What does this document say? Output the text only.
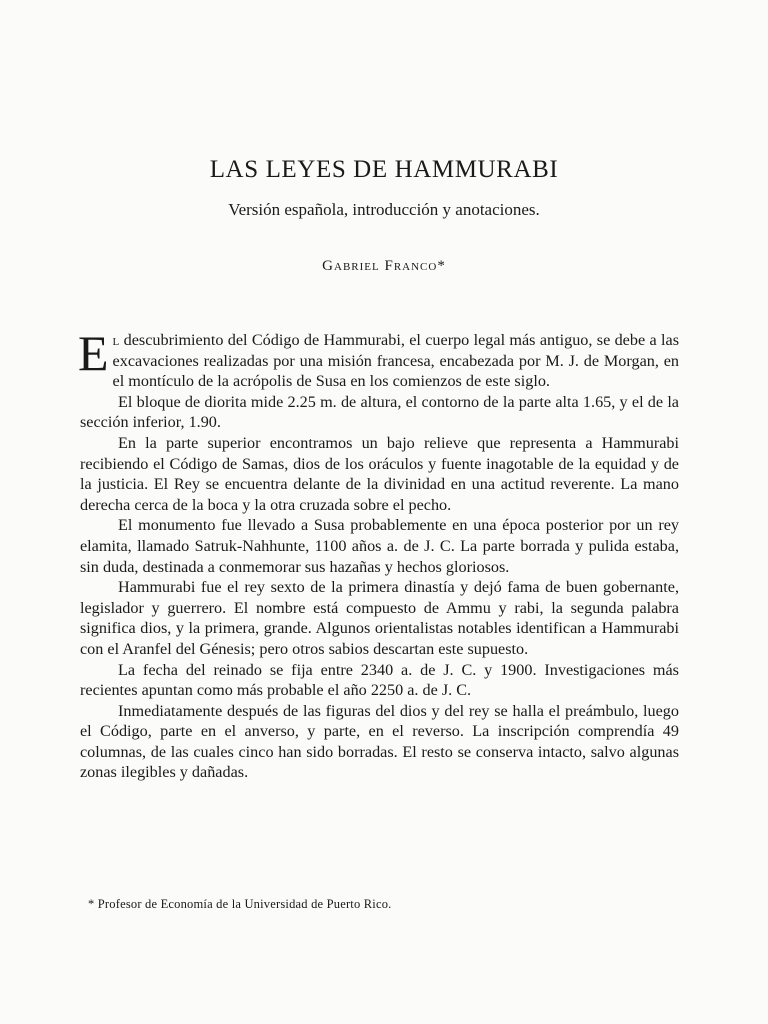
LAS LEYES DE HAMMURABI
Versión española, introducción y anotaciones.
Gabriel Franco*

El descubrimiento del Código de Hammurabi, el cuerpo legal más antiguo, se debe a las excavaciones realizadas por una misión francesa, encabezada por M. J. de Morgan, en el montículo de la acrópolis de Susa en los comienzos de este siglo.

El bloque de diorita mide 2.25 m. de altura, el contorno de la parte alta 1.65, y el de la sección inferior, 1.90.

En la parte superior encontramos un bajo relieve que representa a Hammurabi recibiendo el Código de Samas, dios de los oráculos y fuente inagotable de la equidad y de la justicia. El Rey se encuentra delante de la divinidad en una actitud reverente. La mano derecha cerca de la boca y la otra cruzada sobre el pecho.

El monumento fue llevado a Susa probablemente en una época posterior por un rey elamita, llamado Satruk-Nahhunte, 1100 años a. de J. C. La parte borrada y pulida estaba, sin duda, destinada a conmemorar sus hazañas y hechos gloriosos.

Hammurabi fue el rey sexto de la primera dinastía y dejó fama de buen gobernante, legislador y guerrero. El nombre está compuesto de Ammu y rabi, la segunda palabra significa dios, y la primera, grande. Algunos orientalistas notables identifican a Hammurabi con el Aranfel del Génesis; pero otros sabios descartan este supuesto.

La fecha del reinado se fija entre 2340 a. de J. C. y 1900. Investigaciones más recientes apuntan como más probable el año 2250 a. de J. C.

Inmediatamente después de las figuras del dios y del rey se halla el preámbulo, luego el Código, parte en el anverso, y parte, en el reverso. La inscripción comprendía 49 columnas, de las cuales cinco han sido borradas. El resto se conserva intacto, salvo algunas zonas ilegibles y dañadas.

* Profesor de Economía de la Universidad de Puerto Rico.
